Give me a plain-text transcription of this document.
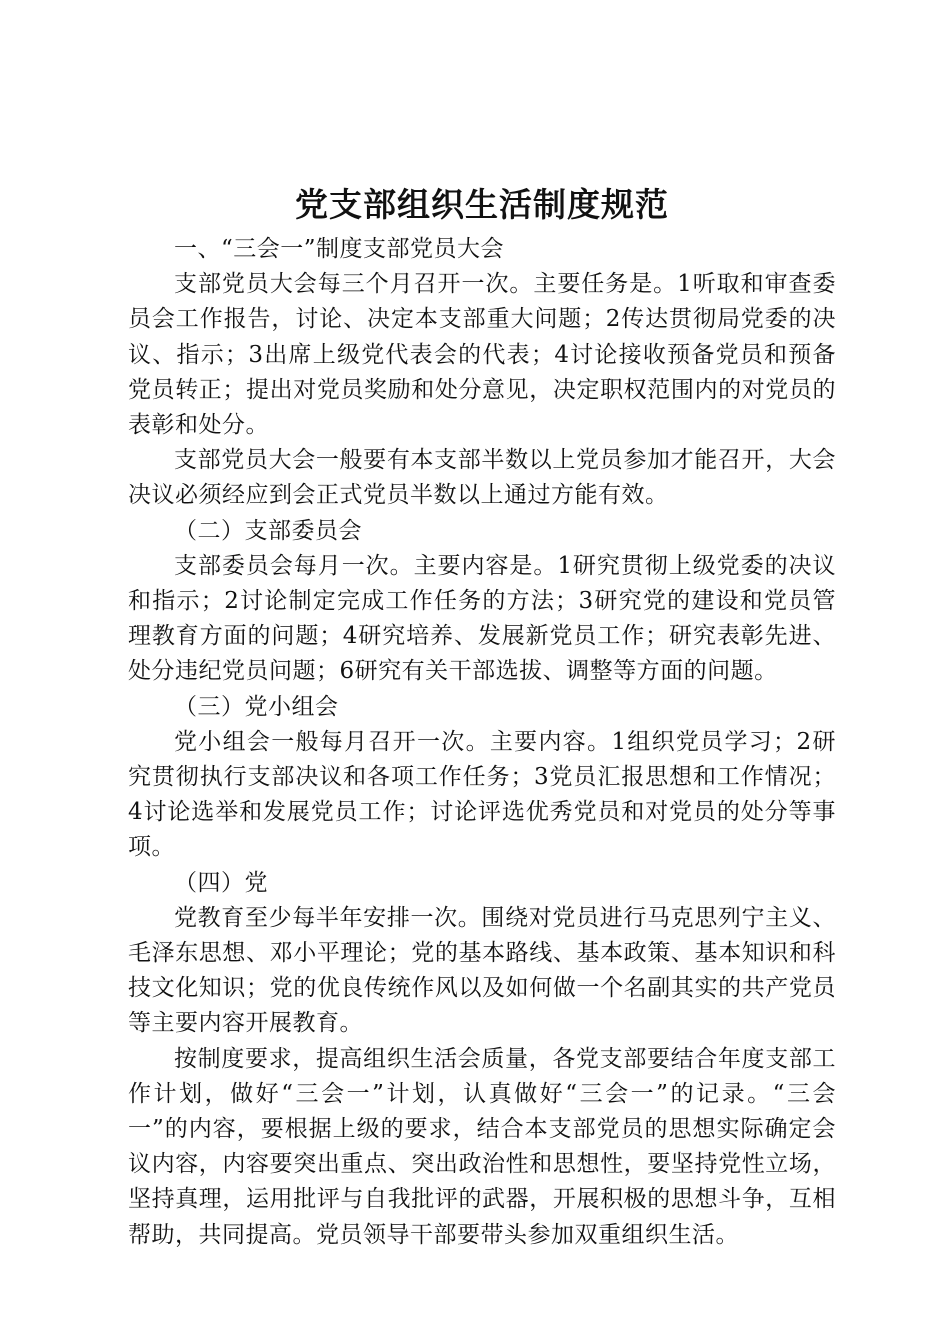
党支部组织生活制度规范
一、“三会一”制度支部党员大会

支部党员大会每三个月召开一次。主要任务是。1听取和审查委员会工作报告，讨论、决定本支部重大问题；2传达贯彻局党委的决议、指示；3出席上级党代表会的代表；4讨论接收预备党员和预备党员转正；提出对党员奖励和处分意见，决定职权范围内的对党员的表彰和处分。

支部党员大会一般要有本支部半数以上党员参加才能召开，大会决议必须经应到会正式党员半数以上通过方能有效。

（二）支部委员会

支部委员会每月一次。主要内容是。1研究贯彻上级党委的决议和指示；2讨论制定完成工作任务的方法；3研究党的建设和党员管理教育方面的问题；4研究培养、发展新党员工作；研究表彰先进、处分违纪党员问题；6研究有关干部选拔、调整等方面的问题。

（三）党小组会

党小组会一般每月召开一次。主要内容。1组织党员学习；2研究贯彻执行支部决议和各项工作任务；3党员汇报思想和工作情况；4讨论选举和发展党员工作；讨论评选优秀党员和对党员的处分等事项。

（四）党

党教育至少每半年安排一次。围绕对党员进行马克思列宁主义、毛泽东思想、邓小平理论；党的基本路线、基本政策、基本知识和科技文化知识；党的优良传统作风以及如何做一个名副其实的共产党员等主要内容开展教育。

按制度要求，提高组织生活会质量，各党支部要结合年度支部工作计划，做好“三会一”计划，认真做好“三会一”的记录。“三会一”的内容，要根据上级的要求，结合本支部党员的思想实际确定会议内容，内容要突出重点、突出政治性和思想性，要坚持党性立场，坚持真理，运用批评与自我批评的武器，开展积极的思想斗争，互相帮助，共同提高。党员领导干部要带头参加双重组织生活。
